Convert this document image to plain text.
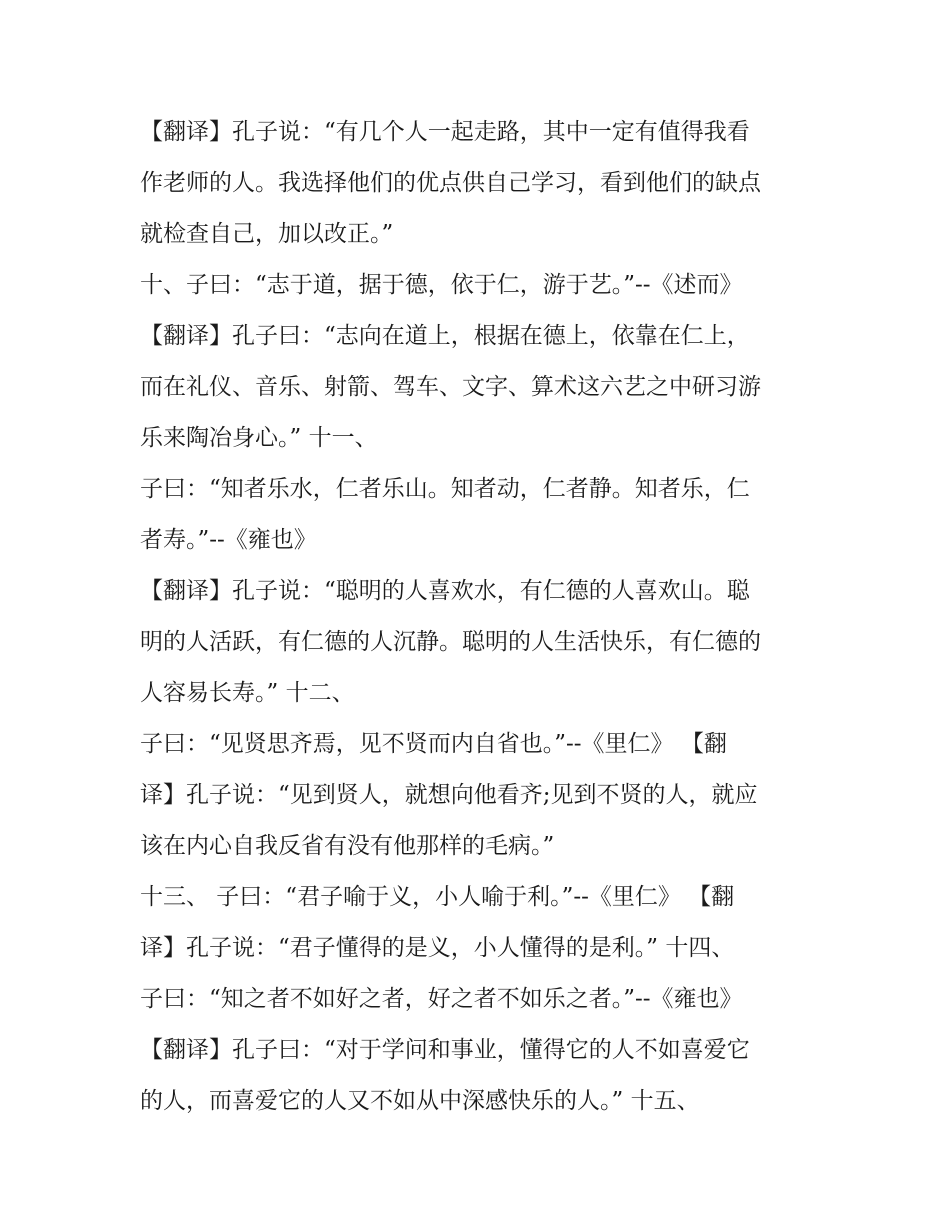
【翻译】孔子说：“有几个人一起走路，其中一定有值得我看
作老师的人。我选择他们的优点供自己学习，看到他们的缺点
就检查自己，加以改正。”
十、子曰：“志于道，据于德，依于仁，游于艺。”--《述而》
【翻译】孔子曰：“志向在道上，根据在德上，依靠在仁上，
而在礼仪、音乐、射箭、驾车、文字、算术这六艺之中研习游
乐来陶冶身心。” 十一、
子曰：“知者乐水，仁者乐山。知者动，仁者静。知者乐，仁
者寿。”--《雍也》
【翻译】孔子说：“聪明的人喜欢水，有仁德的人喜欢山。聪
明的人活跃，有仁德的人沉静。聪明的人生活快乐，有仁德的
人容易长寿。” 十二、
子曰：“见贤思齐焉，见不贤而内自省也。”--《里仁》 【翻
译】孔子说：“见到贤人，就想向他看齐;见到不贤的人，就应
该在内心自我反省有没有他那样的毛病。”
十三、 子曰：“君子喻于义，小人喻于利。”--《里仁》 【翻
译】孔子说：“君子懂得的是义，小人懂得的是利。” 十四、
子曰：“知之者不如好之者，好之者不如乐之者。”--《雍也》
【翻译】孔子曰：“对于学问和事业，懂得它的人不如喜爱它
的人，而喜爱它的人又不如从中深感快乐的人。” 十五、
